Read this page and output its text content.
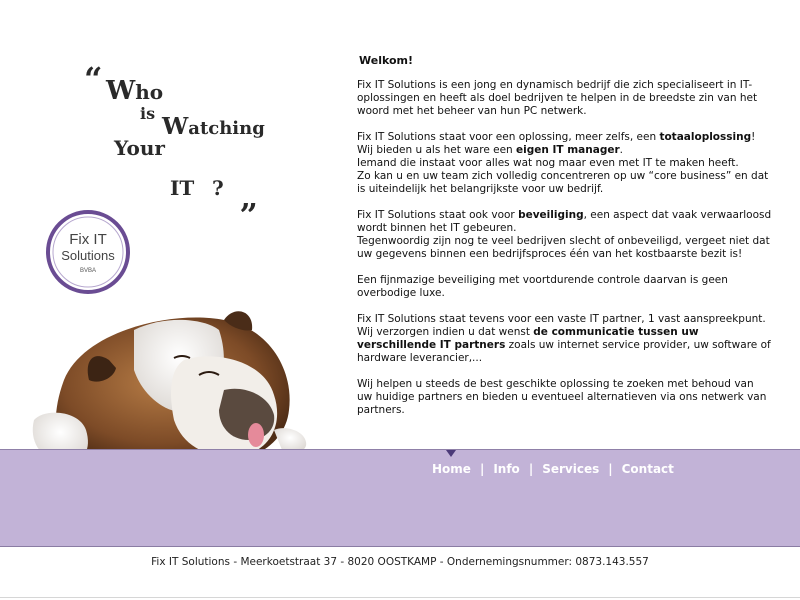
“ Who
is Watching
Your
IT ? „
Fix IT
Solutions
BVBA
Welkom!

Fix IT Solutions is een jong en dynamisch bedrijf die zich specialiseert in IT- oplossingen en heeft als doel bedrijven te helpen in de breedste zin van het woord met het beheer van hun PC netwerk.

Fix IT Solutions staat voor een oplossing, meer zelfs, een totaaloplossing!
Wij bieden u als het ware een eigen IT manager.
Iemand die instaat voor alles wat nog maar even met IT te maken heeft.
Zo kan u en uw team zich volledig concentreren op uw “core business” en dat is uiteindelijk het belangrijkste voor uw bedrijf.

Fix IT Solutions staat ook voor beveiliging, een aspect dat vaak verwaarloosd wordt binnen het IT gebeuren.
Tegenwoordig zijn nog te veel bedrijven slecht of onbeveiligd, vergeet niet dat uw gegevens binnen een bedrijfsproces één van het kostbaarste bezit is!

Een fijnmazige beveiliging met voortdurende controle daarvan is geen overbodige luxe.

Fix IT Solutions staat tevens voor een vaste IT partner, 1 vast aanspreekpunt.
Wij verzorgen indien u dat wenst de communicatie tussen uw verschillende IT partners zoals uw internet service provider, uw software of hardware leverancier,...

Wij helpen u steeds de best geschikte oplossing te zoeken met behoud van uw huidige partners en bieden u eventueel alternatieven via ons netwerk van partners.

Home | Info | Services | Contact
Fix IT Solutions - Meerkoetstraat 37 - 8020 OOSTKAMP - Ondernemingsnummer: 0873.143.557
